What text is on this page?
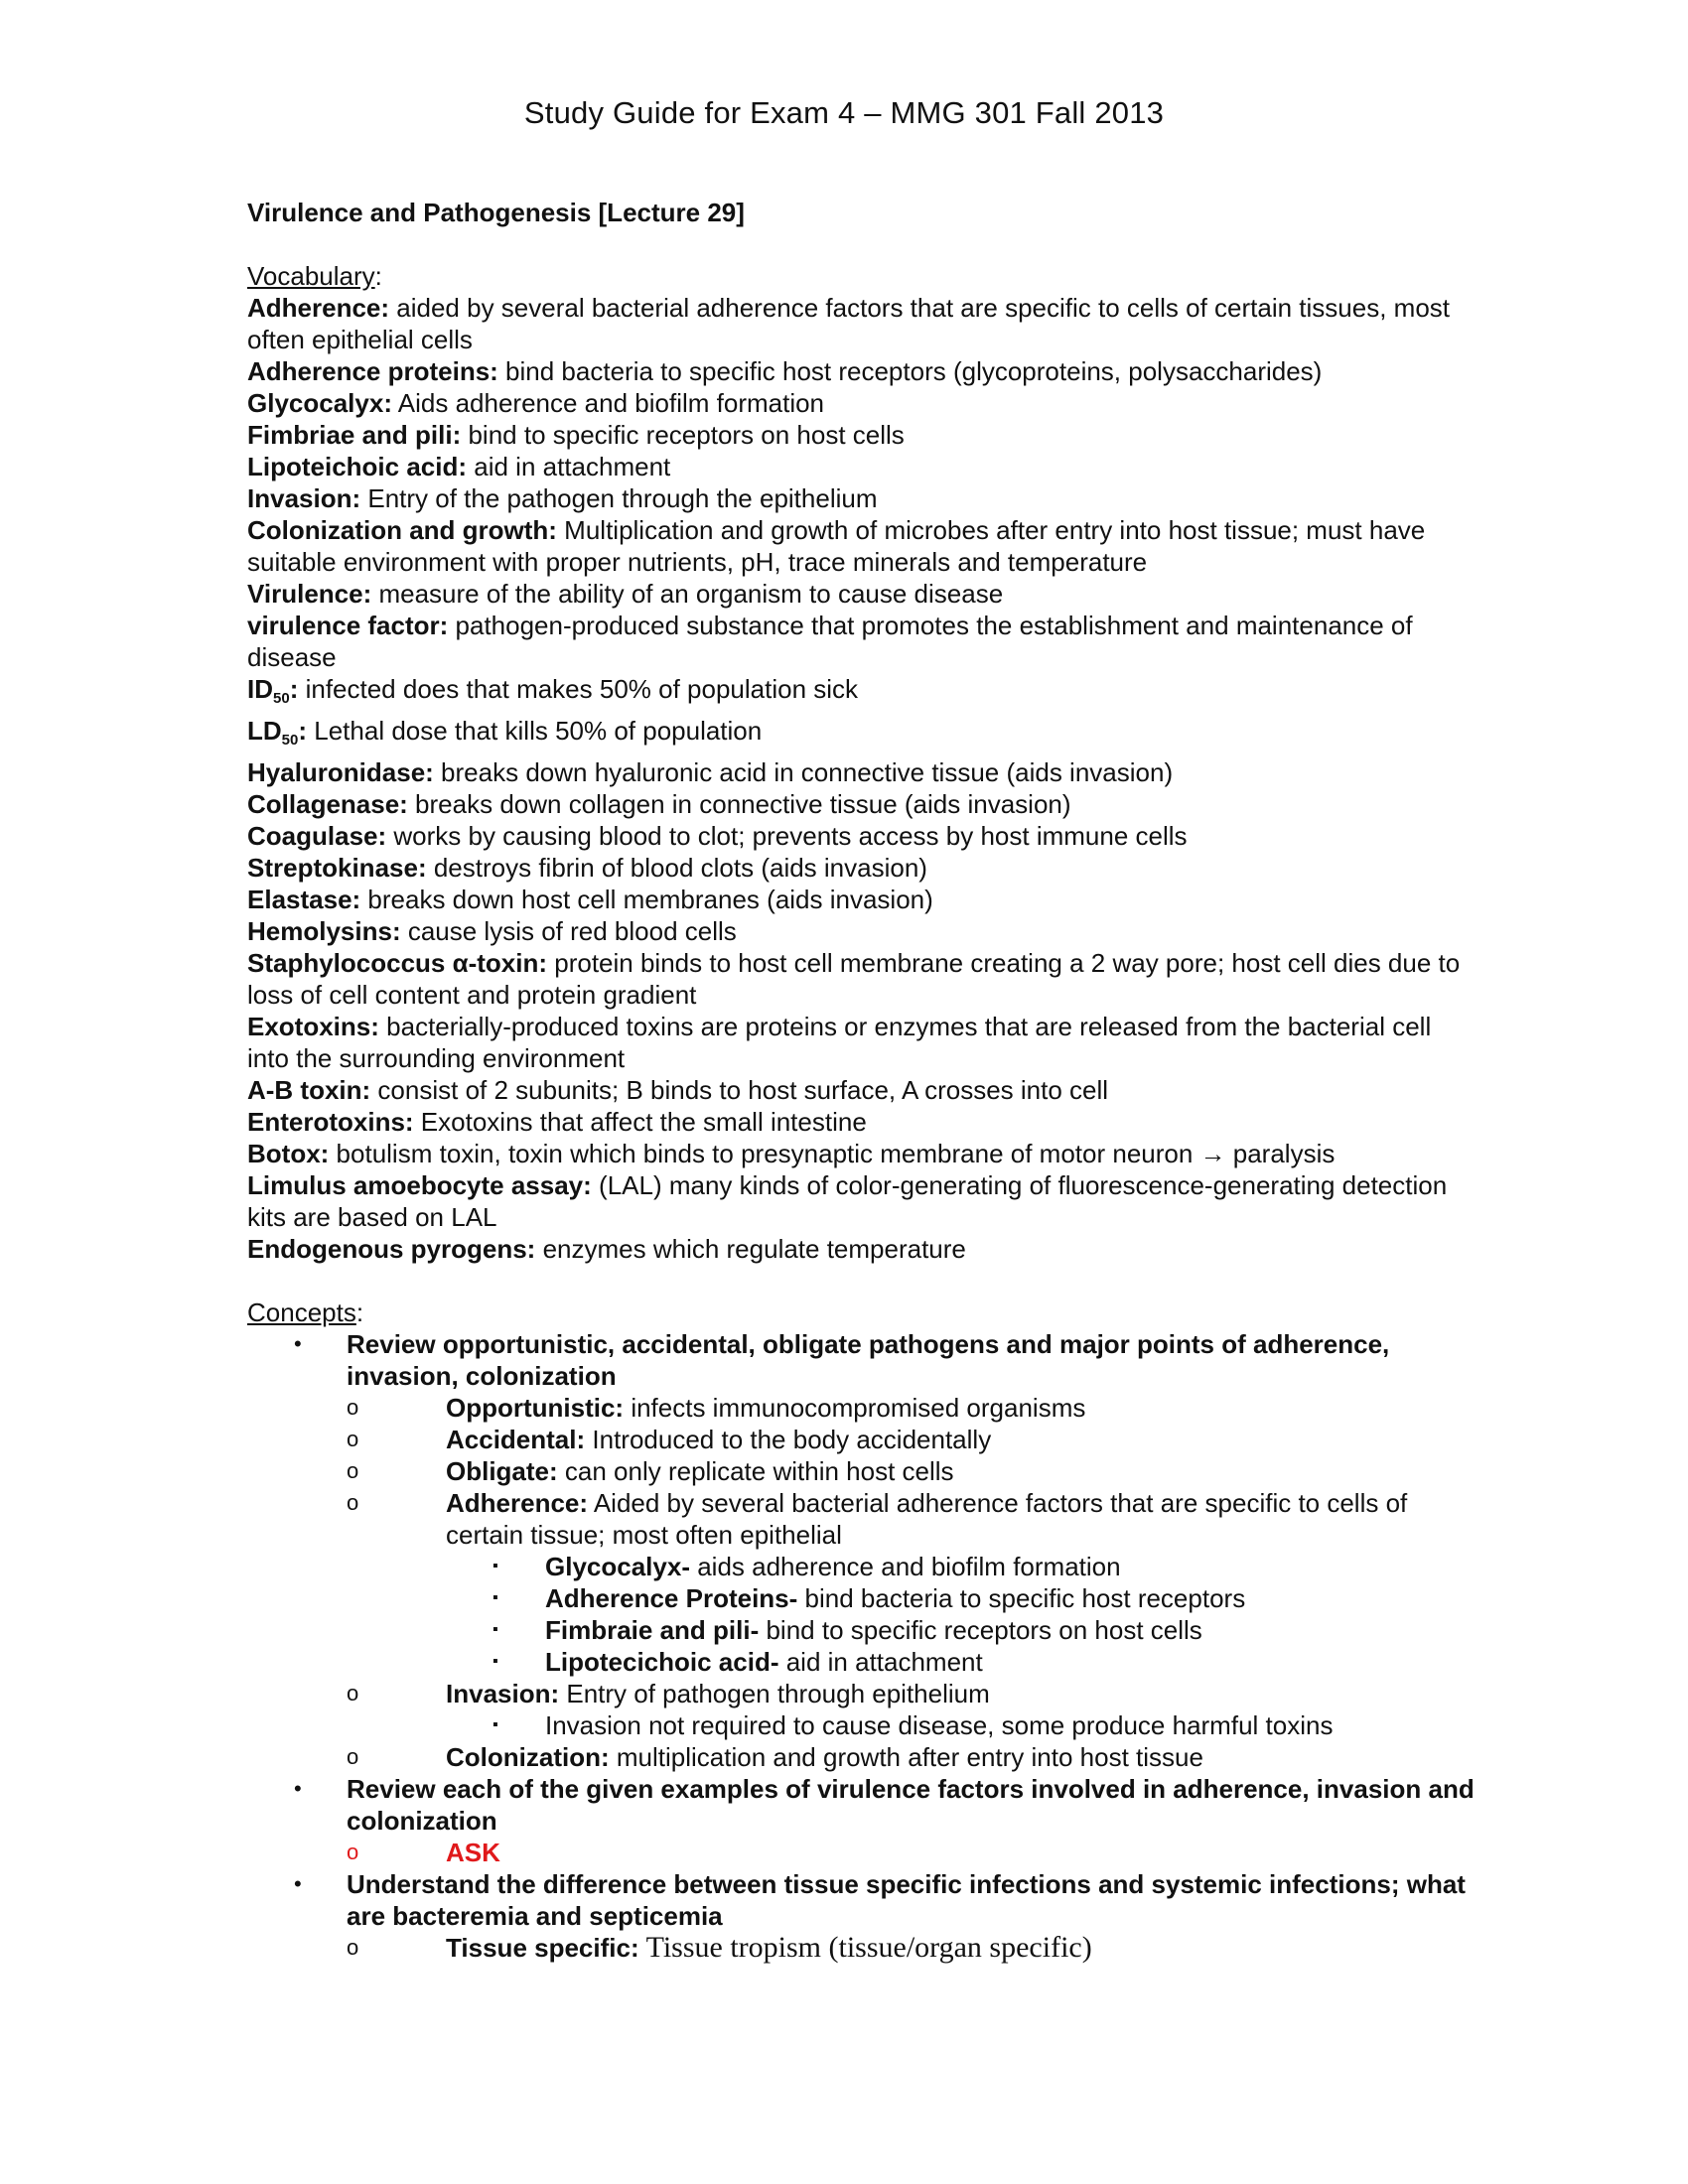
Study Guide for Exam 4 – MMG 301 Fall 2013

Virulence and Pathogenesis [Lecture 29]

Vocabulary:

Adherence: aided by several bacterial adherence factors that are specific to cells of certain tissues, most often epithelial cells

Adherence proteins: bind bacteria to specific host receptors (glycoproteins, polysaccharides)

Glycocalyx: Aids adherence and biofilm formation

Fimbriae and pili: bind to specific receptors on host cells

Lipoteichoic acid: aid in attachment

Invasion: Entry of the pathogen through the epithelium

Colonization and growth: Multiplication and growth of microbes after entry into host tissue; must have suitable environment with proper nutrients, pH, trace minerals and temperature

Virulence: measure of the ability of an organism to cause disease

virulence factor: pathogen-produced substance that promotes the establishment and maintenance of disease

$ID_{50}$: infected does that makes 50% of population sick

$LD_{50}$: Lethal dose that kills 50% of population

Hyaluronidase: breaks down hyaluronic acid in connective tissue (aids invasion)

Collagenase: breaks down collagen in connective tissue (aids invasion)

Coagulase: works by causing blood to clot; prevents access by host immune cells

Streptokinase: destroys fibrin of blood clots (aids invasion)

Elastase: breaks down host cell membranes (aids invasion)

Hemolysins: cause lysis of red blood cells

Staphylococcus α-toxin: protein binds to host cell membrane creating a 2 way pore; host cell dies due to loss of cell content and protein gradient

Exotoxins: bacterially-produced toxins are proteins or enzymes that are released from the bacterial cell into the surrounding environment

A-B toxin: consist of 2 subunits; B binds to host surface, A crosses into cell

Enterotoxins: Exotoxins that affect the small intestine

Botox: botulism toxin, toxin which binds to presynaptic membrane of motor neuron → paralysis

Limulus amoebocyte assay: (LAL) many kinds of color-generating of fluorescence-generating detection kits are based on LAL

Endogenous pyrogens: enzymes which regulate temperature

Concepts:
• Review opportunistic, accidental, obligate pathogens and major points of adherence, invasion, colonization
o	Opportunistic: infects immunocompromised organisms
o	Accidental: Introduced to the body accidentally
o	Obligate: can only replicate within host cells
o	Adherence: Aided by several bacterial adherence factors that are specific to cells of certain tissue; most often epithelial
▪ Glycocalyx- aids adherence and biofilm formation
▪ Adherence Proteins- bind bacteria to specific host receptors
▪ Fimbraie and pili- bind to specific receptors on host cells
▪ Lipotecichoic acid- aid in attachment
o	Invasion: Entry of pathogen through epithelium
▪ Invasion not required to cause disease, some produce harmful toxins
o	Colonization: multiplication and growth after entry into host tissue
• Review each of the given examples of virulence factors involved in adherence, invasion and colonization
o	ASK
• Understand the difference between tissue specific infections and systemic infections; what are bacteremia and septicemia
o	Tissue specific: Tissue tropism (tissue/organ specific)
